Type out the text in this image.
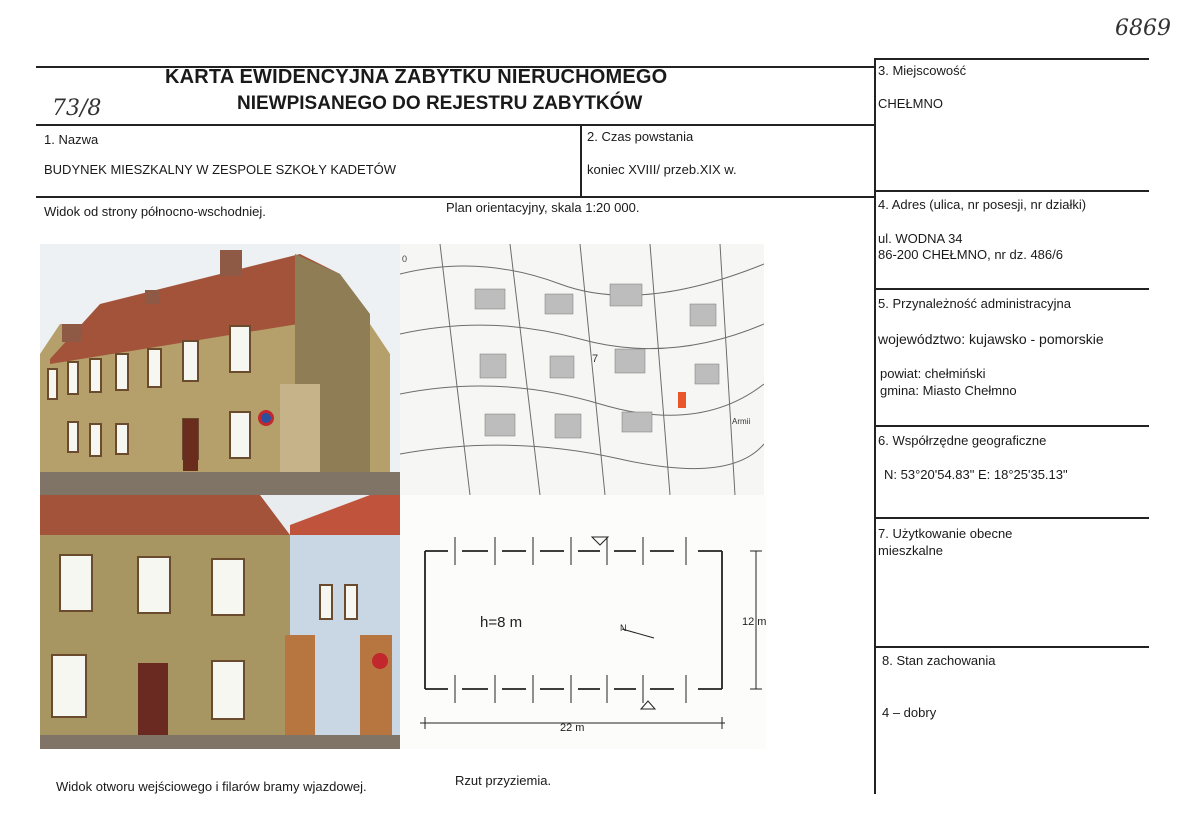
6869
73/8
KARTA EWIDENCYJNA ZABYTKU NIERUCHOMEGO
NIEWPISANEGO DO REJESTRU ZABYTKÓW
1. Nazwa
BUDYNEK MIESZKALNY W ZESPOLE SZKOŁY KADETÓW
2. Czas powstania
koniec XVIII/ przeb.XIX w.
3. Miejscowość
CHEŁMNO
4. Adres (ulica, nr posesji, nr działki)
ul. WODNA 34
86-200 CHEŁMNO, nr dz. 486/6
5. Przynależność administracyjna
województwo: kujawsko - pomorskie
powiat: chełmiński
gmina: Miasto Chełmno
6. Współrzędne geograficzne
N: 53°20'54.83" E: 18°25'35.13"
7. Użytkowanie obecne
mieszkalne
8. Stan zachowania
4 – dobry
Widok od strony północno-wschodniej.	Plan orientacyjny, skala 1:20 000.
0
7
Armii
h=8 m
22 m
12 m
N
Widok otworu wejściowego i filarów bramy wjazdowej.	Rzut przyziemia.
